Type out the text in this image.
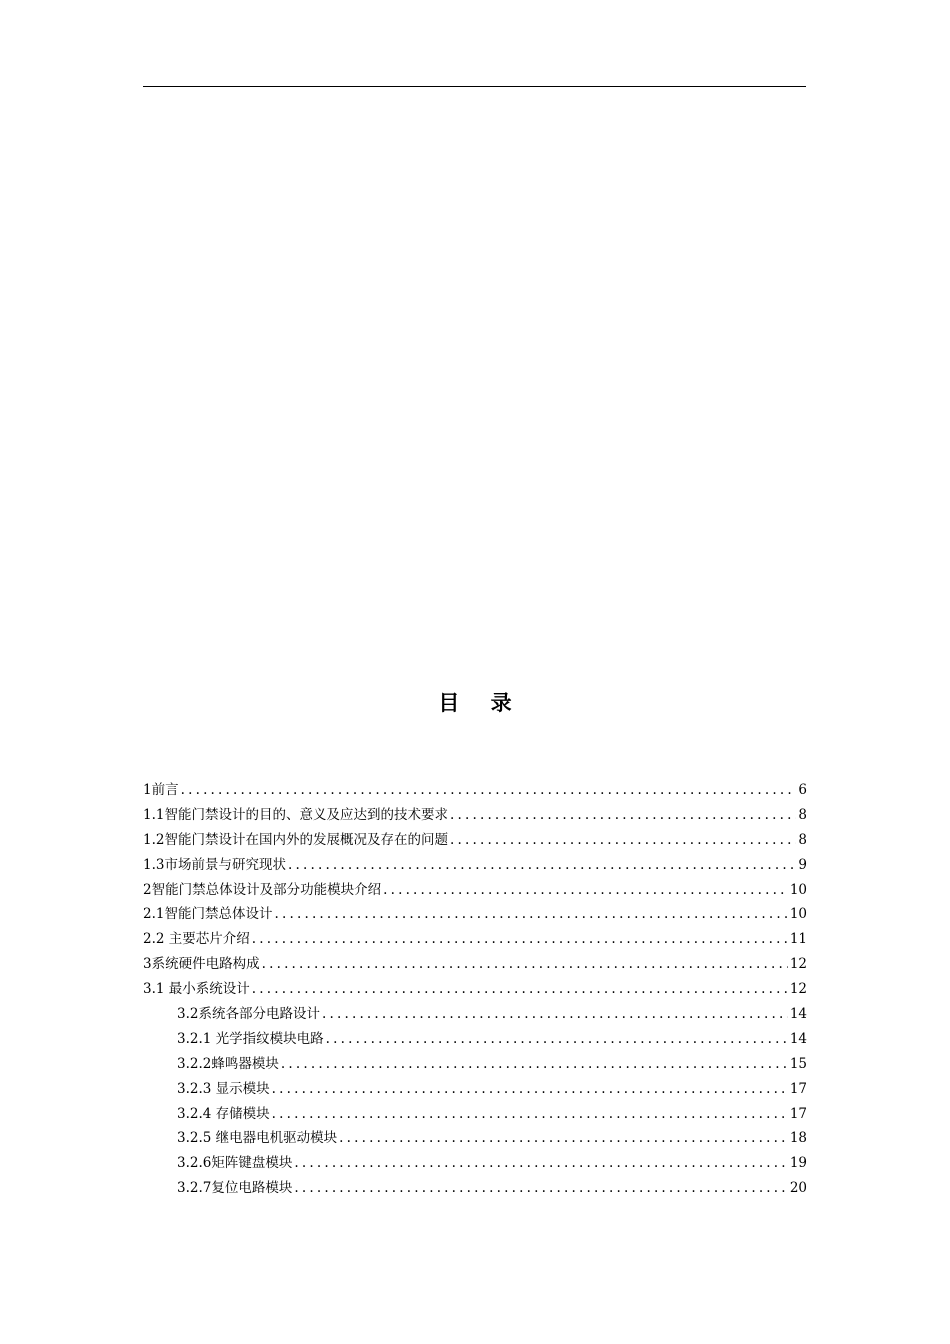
目 录
1前言 .....	6
1.1智能门禁设计的目的、意义及应达到的技术要求 .....	8
1.2智能门禁设计在国内外的发展概况及存在的问题 .....	8
1.3市场前景与研究现状 .....	9
2智能门禁总体设计及部分功能模块介绍 .....	10
2.1智能门禁总体设计 .....	10
2.2 主要芯片介绍 .....	11
3系统硬件电路构成 .....	12
3.1 最小系统设计 .....	12
3.2系统各部分电路设计 .....	14
3.2.1 光学指纹模块电路 .....	14
3.2.2蜂鸣器模块 .....	15
3.2.3 显示模块 .....	17
3.2.4 存储模块 .....	17
3.2.5 继电器电机驱动模块 .....	18
3.2.6矩阵键盘模块 .....	19
3.2.7复位电路模块 .....	20
